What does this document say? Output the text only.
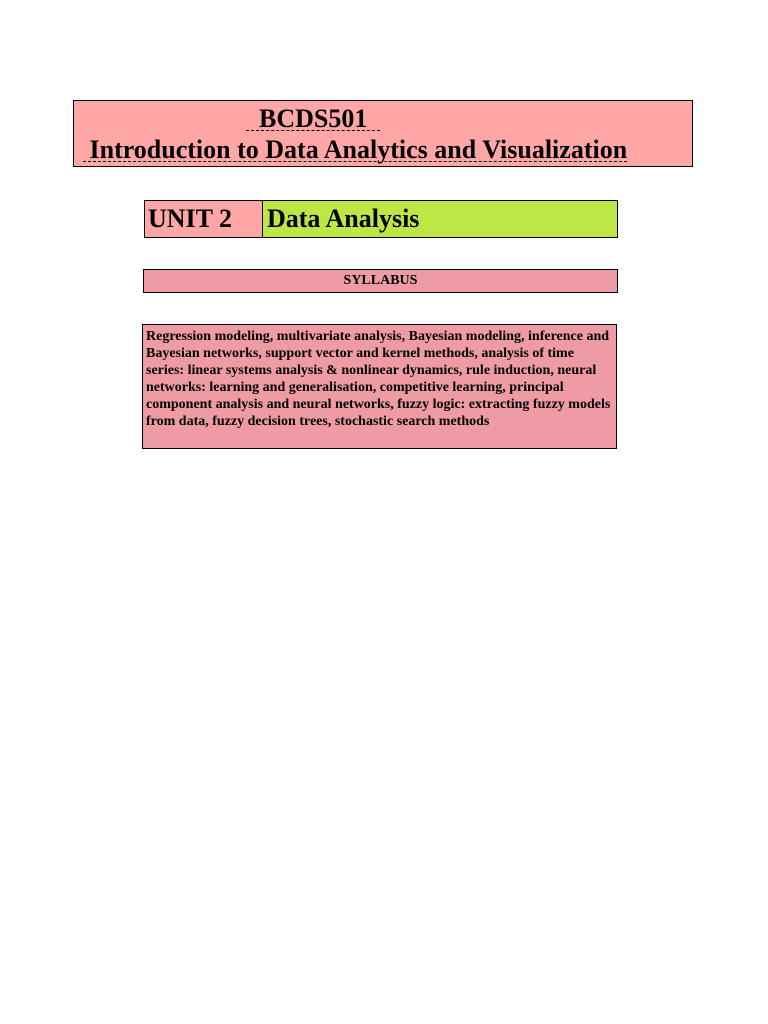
BCDS501
Introduction to Data Analytics and Visualization
UNIT 2	Data Analysis
SYLLABUS
Regression modeling, multivariate analysis, Bayesian modeling, inference and Bayesian networks, support vector and kernel methods, analysis of time series: linear systems analysis & nonlinear dynamics, rule induction, neural networks: learning and generalisation, competitive learning, principal component analysis and neural networks, fuzzy logic: extracting fuzzy models from data, fuzzy decision trees, stochastic search methods
